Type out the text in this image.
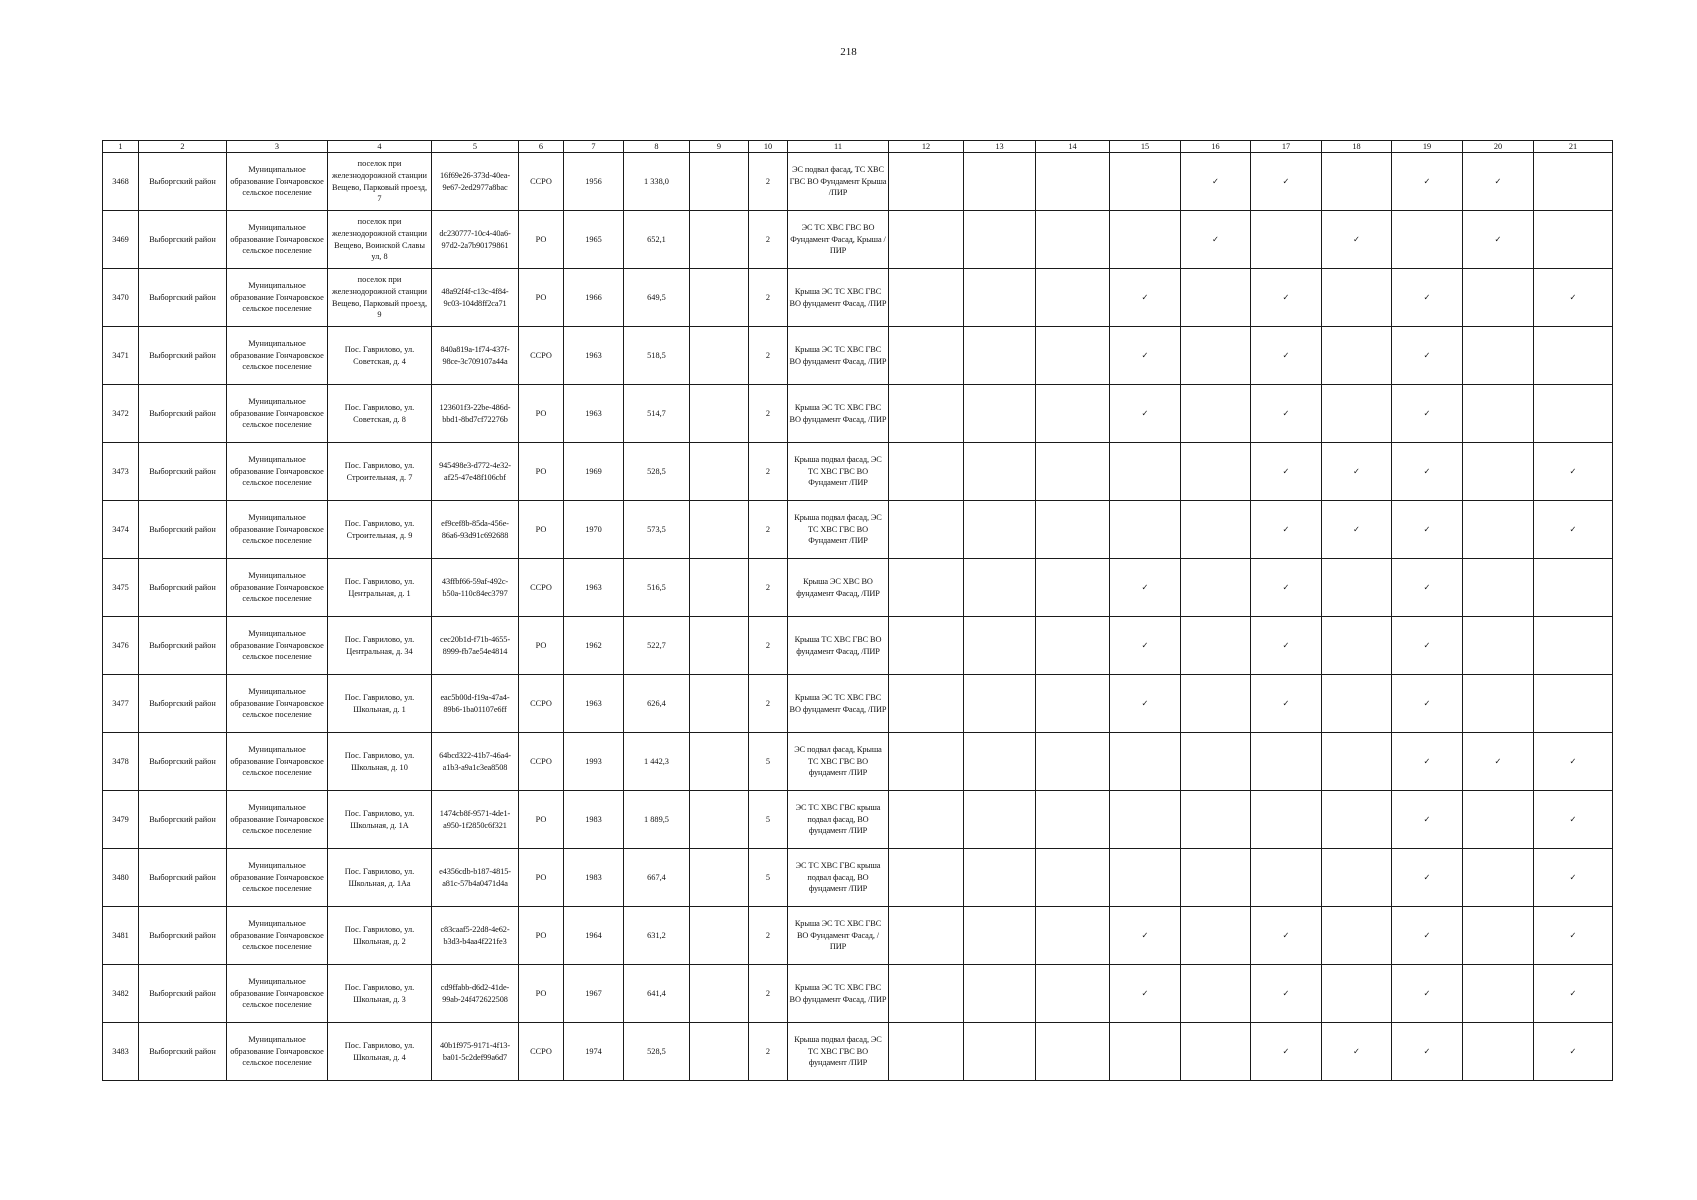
218
1	2	3	4	5	6	7	8	9	10	11	12	13	14	15	16	17	18	19	20	21
3468	Выборгский район	Муниципальное образование Гончаровское сельское поселение	поселок при железнодорожной станции Вещево, Парковый проезд, 7	16f69e26-373d-40ea-9e67-2ed2977a8bac	ССРО	1956	1 338,0		2	ЭС подвал фасад, ТС ХВС ГВС ВО Фундамент Крыша /ПИР					✓	✓		✓	✓	
3469	Выборгский район	Муниципальное образование Гончаровское сельское поселение	поселок при железнодорожной станции Вещево, Воинской Славы ул, 8	dc230777-10c4-40a6-97d2-2a7b90179861	РО	1965	652,1		2	ЭС ТС ХВС ГВС ВО Фундамент Фасад, Крыша /ПИР					✓		✓		✓	
3470	Выборгский район	Муниципальное образование Гончаровское сельское поселение	поселок при железнодорожной станции Вещево, Парковый проезд, 9	48a92f4f-c13c-4f84-9c03-104d8ff2ca71	РО	1966	649,5		2	Крыша ЭС ТС ХВС ГВС ВО фундамент Фасад, /ПИР				✓		✓		✓		✓
3471	Выборгский район	Муниципальное образование Гончаровское сельское поселение	Пос. Гаврилово, ул. Советская, д. 4	840a819a-1f74-437f-98ce-3c709107a44a	ССРО	1963	518,5		2	Крыша ЭС ТС ХВС ГВС ВО фундамент Фасад, /ПИР				✓		✓		✓		
3472	Выборгский район	Муниципальное образование Гончаровское сельское поселение	Пос. Гаврилово, ул. Советская, д. 8	123601f3-22be-486d-bbd1-8bd7cf72276b	РО	1963	514,7		2	Крыша ЭС ТС ХВС ГВС ВО фундамент Фасад, /ПИР				✓		✓		✓		
3473	Выборгский район	Муниципальное образование Гончаровское сельское поселение	Пос. Гаврилово, ул. Строительная, д. 7	945498e3-d772-4e32-af25-47e48f106cbf	РО	1969	528,5		2	Крыша подвал фасад, ЭС ТС ХВС ГВС ВО Фундамент /ПИР						✓	✓	✓		✓
3474	Выборгский район	Муниципальное образование Гончаровское сельское поселение	Пос. Гаврилово, ул. Строительная, д. 9	ef9cef8b-85da-456e-86a6-93d91c692688	РО	1970	573,5		2	Крыша подвал фасад, ЭС ТС ХВС ГВС ВО Фундамент /ПИР						✓	✓	✓		✓
3475	Выборгский район	Муниципальное образование Гончаровское сельское поселение	Пос. Гаврилово, ул. Центральная, д. 1	43ffbf66-59af-492c-b50a-110c84ec3797	ССРО	1963	516,5		2	Крыша ЭС ХВС ВО фундамент Фасад, /ПИР				✓		✓		✓		
3476	Выборгский район	Муниципальное образование Гончаровское сельское поселение	Пос. Гаврилово, ул. Центральная, д. 34	cec20b1d-f71b-4655-8999-fb7ae54e4814	РО	1962	522,7		2	Крыша ТС ХВС ГВС ВО фундамент Фасад, /ПИР				✓		✓		✓		
3477	Выборгский район	Муниципальное образование Гончаровское сельское поселение	Пос. Гаврилово, ул. Школьная, д. 1	eac5b00d-f19a-47a4-89b6-1ba01107e6ff	ССРО	1963	626,4		2	Крыша ЭС ТС ХВС ГВС ВО фундамент Фасад, /ПИР				✓		✓		✓		
3478	Выборгский район	Муниципальное образование Гончаровское сельское поселение	Пос. Гаврилово, ул. Школьная, д. 10	64bcd322-41b7-46a4-a1b3-a9a1c3ea8508	ССРО	1993	1 442,3		5	ЭС подвал фасад, Крыша ТС ХВС ГВС ВО фундамент /ПИР								✓	✓	✓
3479	Выборгский район	Муниципальное образование Гончаровское сельское поселение	Пос. Гаврилово, ул. Школьная, д. 1А	1474cb8f-9571-4de1-a950-1f2850c6f321	РО	1983	1 889,5		5	ЭС ТС ХВС ГВС крыша подвал фасад, ВО фундамент /ПИР								✓		✓
3480	Выборгский район	Муниципальное образование Гончаровское сельское поселение	Пос. Гаврилово, ул. Школьная, д. 1Аа	e4356cdb-b187-4815-a81c-57b4a0471d4a	РО	1983	667,4		5	ЭС ТС ХВС ГВС крыша подвал фасад, ВО фундамент /ПИР								✓		✓
3481	Выборгский район	Муниципальное образование Гончаровское сельское поселение	Пос. Гаврилово, ул. Школьная, д. 2	c83caaf5-22d8-4e62-b3d3-b4aa4f221fe3	РО	1964	631,2		2	Крыша ЭС ТС ХВС ГВС ВО Фундамент Фасад, /ПИР				✓		✓		✓		✓
3482	Выборгский район	Муниципальное образование Гончаровское сельское поселение	Пос. Гаврилово, ул. Школьная, д. 3	cd9ffabb-d6d2-41de-99ab-24f472622508	РО	1967	641,4		2	Крыша ЭС ТС ХВС ГВС ВО фундамент Фасад, /ПИР				✓		✓		✓		✓
3483	Выборгский район	Муниципальное образование Гончаровское сельское поселение	Пос. Гаврилово, ул. Школьная, д. 4	40b1f975-9171-4f13-ba01-5c2def99a6d7	ССРО	1974	528,5		2	Крыша подвал фасад, ЭС ТС ХВС ГВС ВО фундамент /ПИР						✓	✓	✓		✓
